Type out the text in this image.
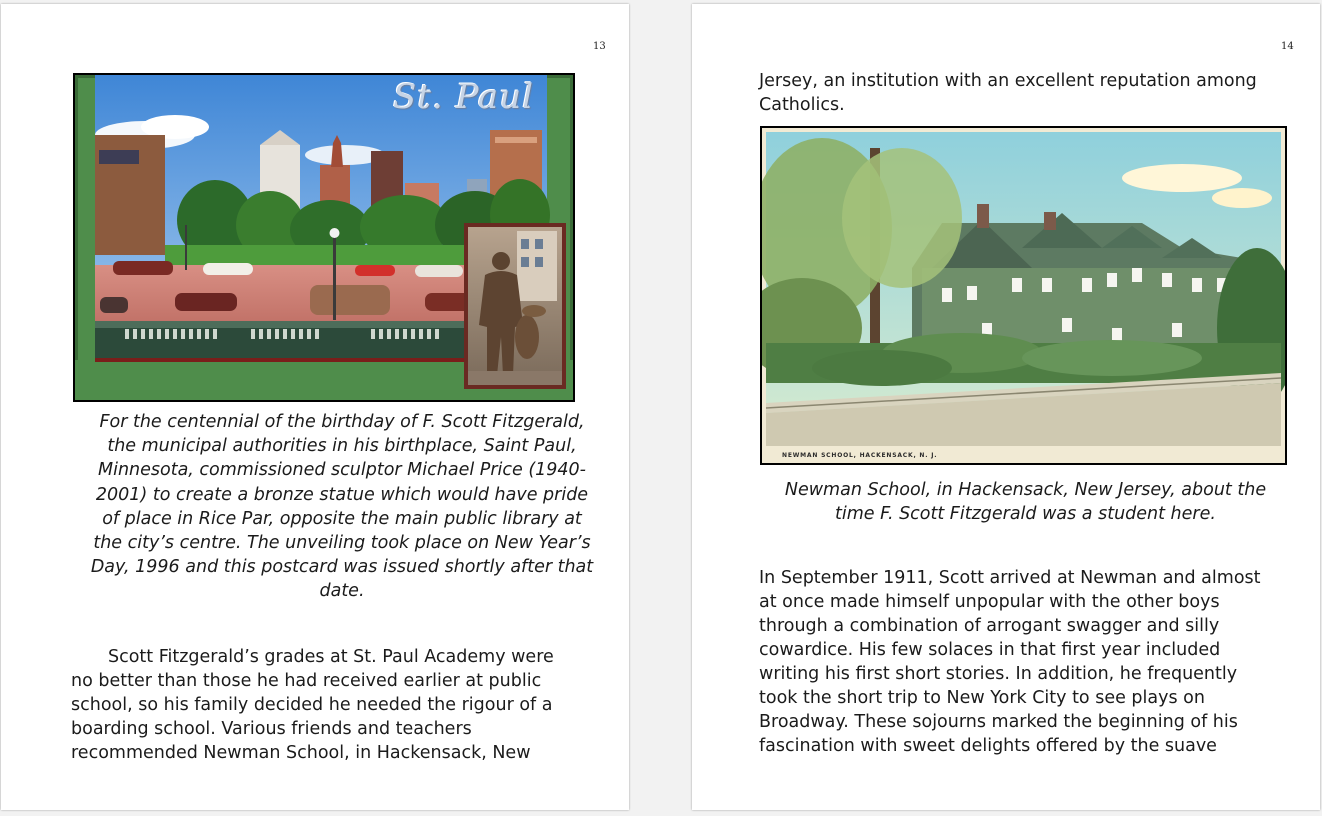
13
St. Paul
For the centennial of the birthday of F. Scott Fitzgerald,
the municipal authorities in his birthplace, Saint Paul,
Minnesota, commissioned sculptor Michael Price (1940-
2001) to create a bronze statue which would have pride
of place in Rice Par, opposite the main public library at
the city’s centre. The unveiling took place on New Year’s
Day, 1996 and this postcard was issued shortly after that
date.
Scott Fitzgerald’s grades at St. Paul Academy were
no better than those he had received earlier at public
school, so his family decided he needed the rigour of a
boarding school. Various friends and teachers
recommended Newman School, in Hackensack, New
14
Jersey, an institution with an excellent reputation among
Catholics.
NEWMAN SCHOOL, HACKENSACK, N. J.
Newman School, in Hackensack, New Jersey, about the
time F. Scott Fitzgerald was a student here.
In September 1911, Scott arrived at Newman and almost
at once made himself unpopular with the other boys
through a combination of arrogant swagger and silly
cowardice. His few solaces in that first year included
writing his first short stories. In addition, he frequently
took the short trip to New York City to see plays on
Broadway. These sojourns marked the beginning of his
fascination with sweet delights offered by the suave
